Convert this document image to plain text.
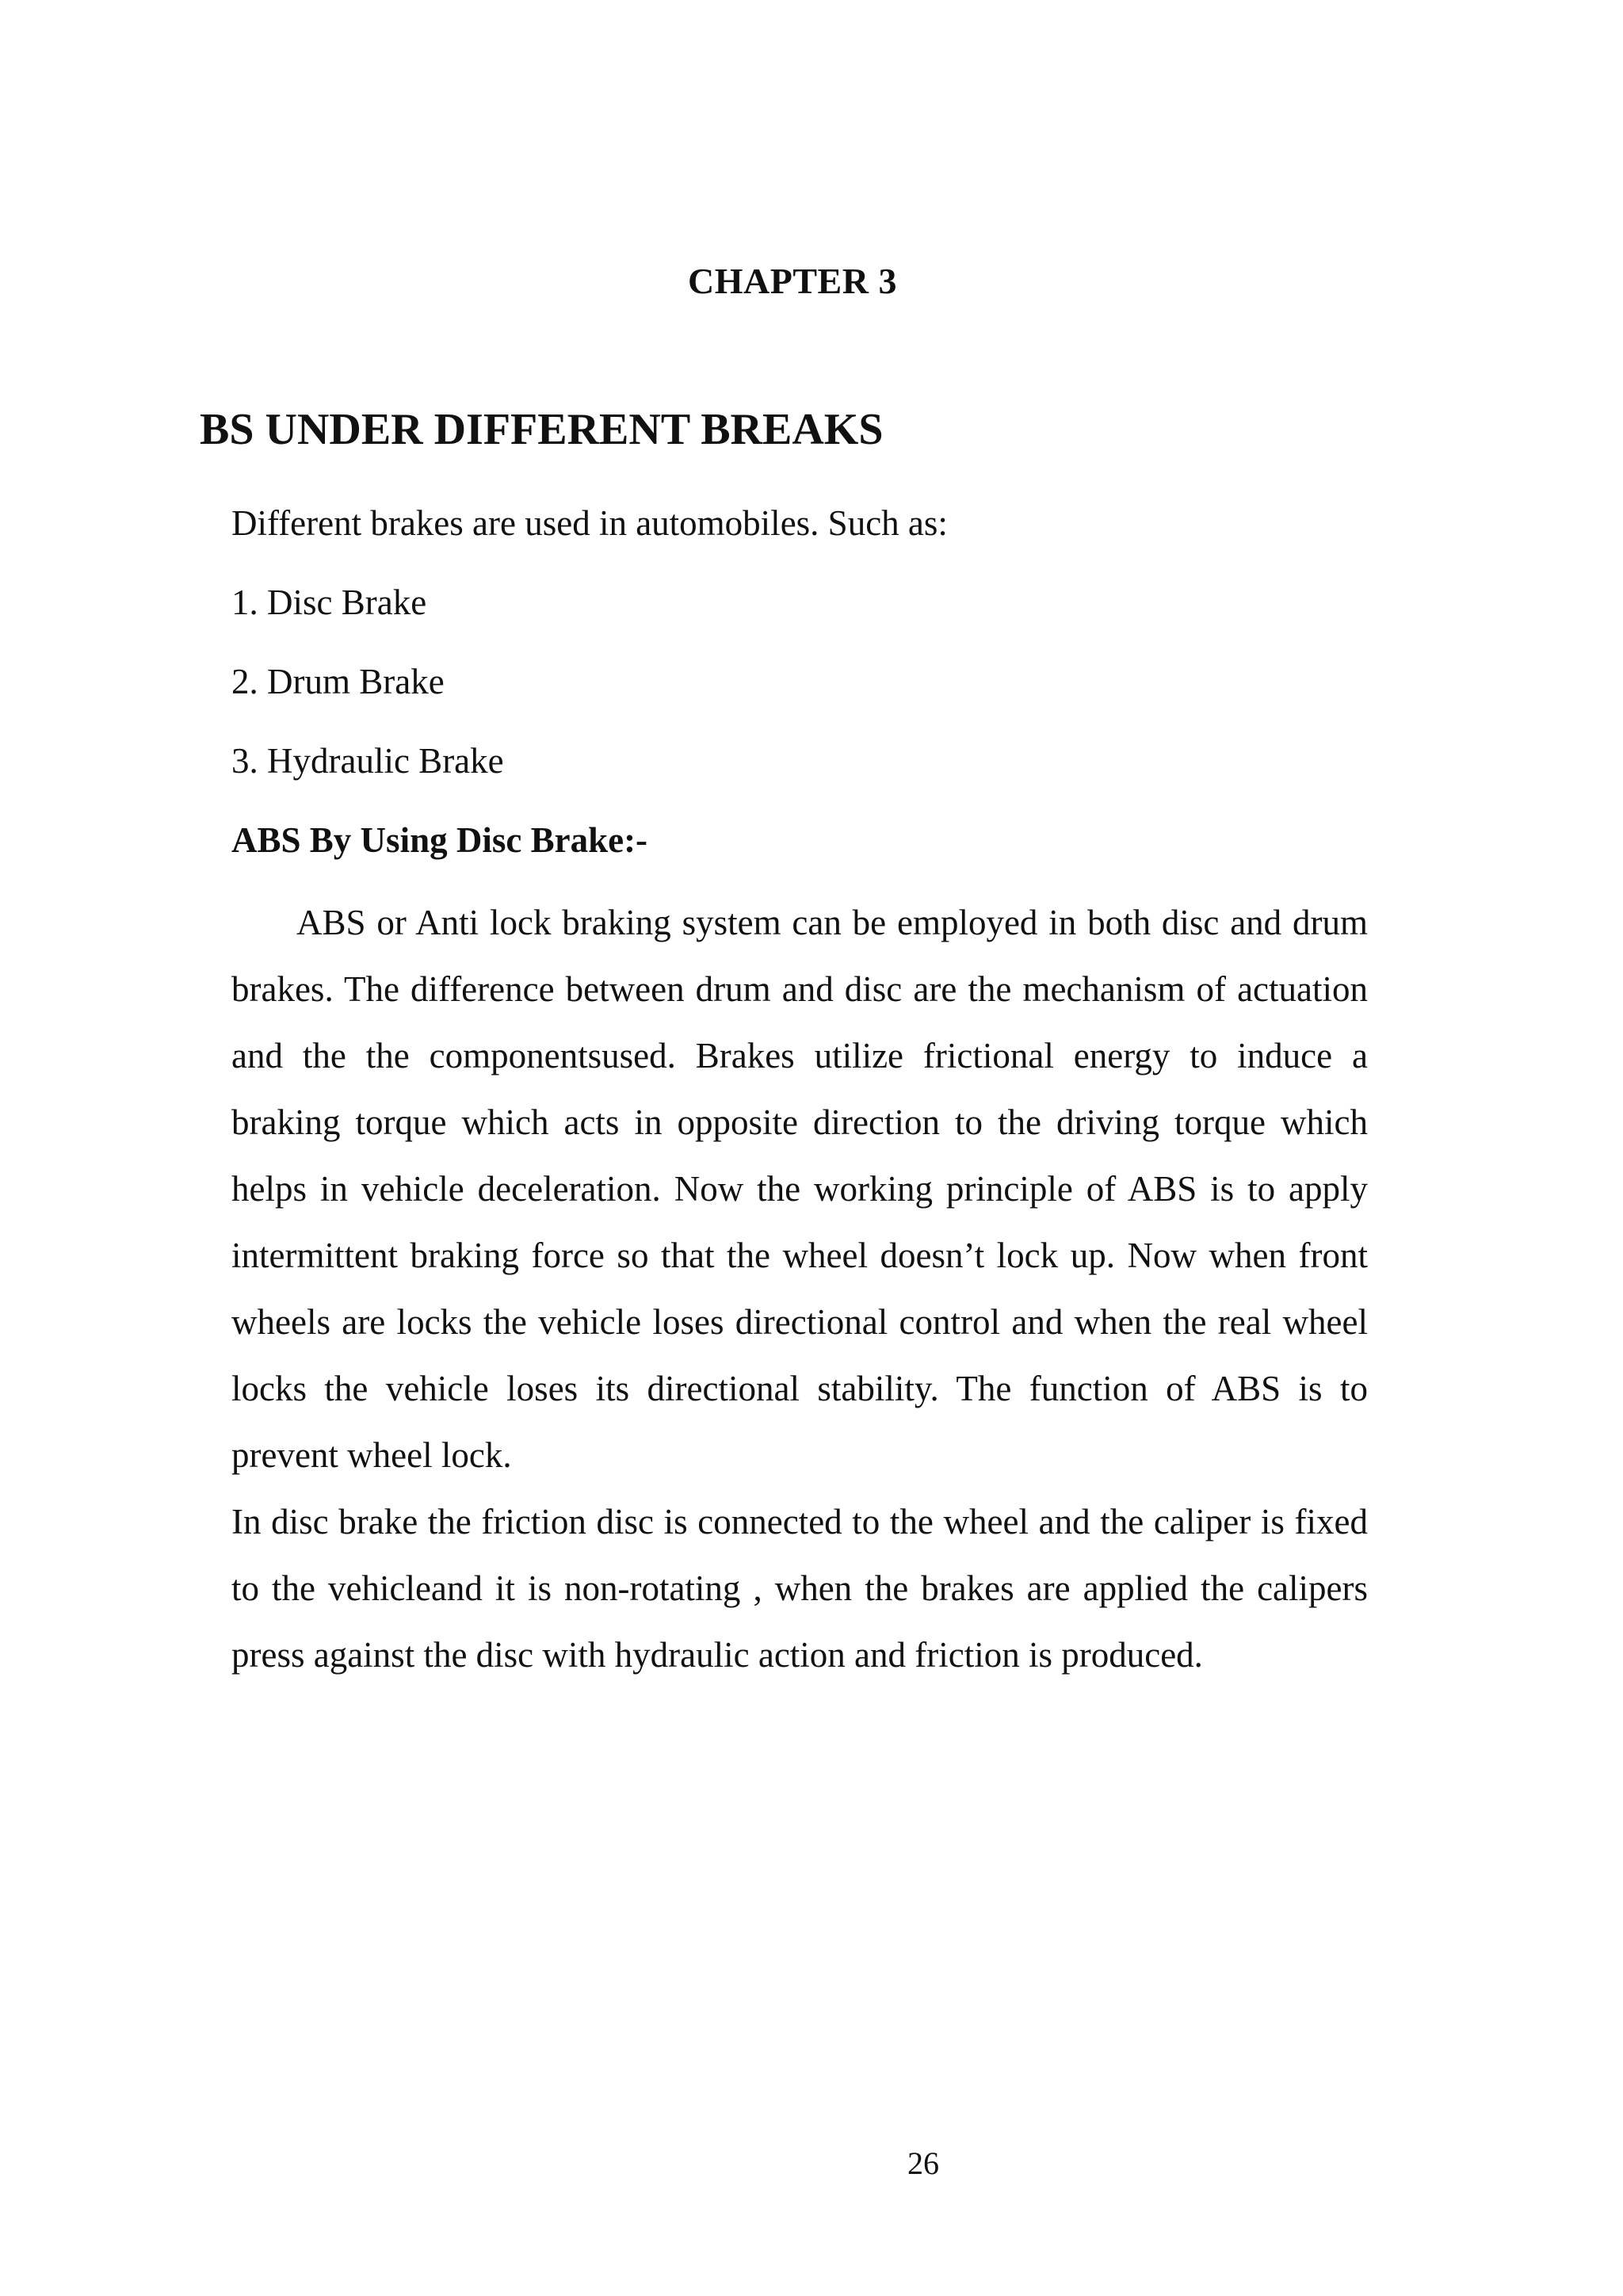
CHAPTER 3
BS UNDER DIFFERENT BREAKS
Different brakes are used in automobiles. Such as:
1. Disc Brake
2. Drum Brake
3. Hydraulic Brake
ABS By Using Disc Brake:-

ABS or Anti lock braking system can be employed in both disc and drum brakes. The difference between drum and disc are the mechanism of actuation and the the componentsused. Brakes utilize frictional energy to induce a braking torque which acts in opposite direction to the driving torque which helps in vehicle deceleration. Now the working principle of ABS is to apply intermittent braking force so that the wheel doesn’t lock up. Now when front wheels are locks the vehicle loses directional control and when the real wheel locks the vehicle loses its directional stability. The function of ABS is to prevent wheel lock.

In disc brake the friction disc is connected to the wheel and the caliper is fixed to the vehicleand it is non-rotating , when the brakes are applied the calipers press against the disc with hydraulic action and friction is produced.

26
